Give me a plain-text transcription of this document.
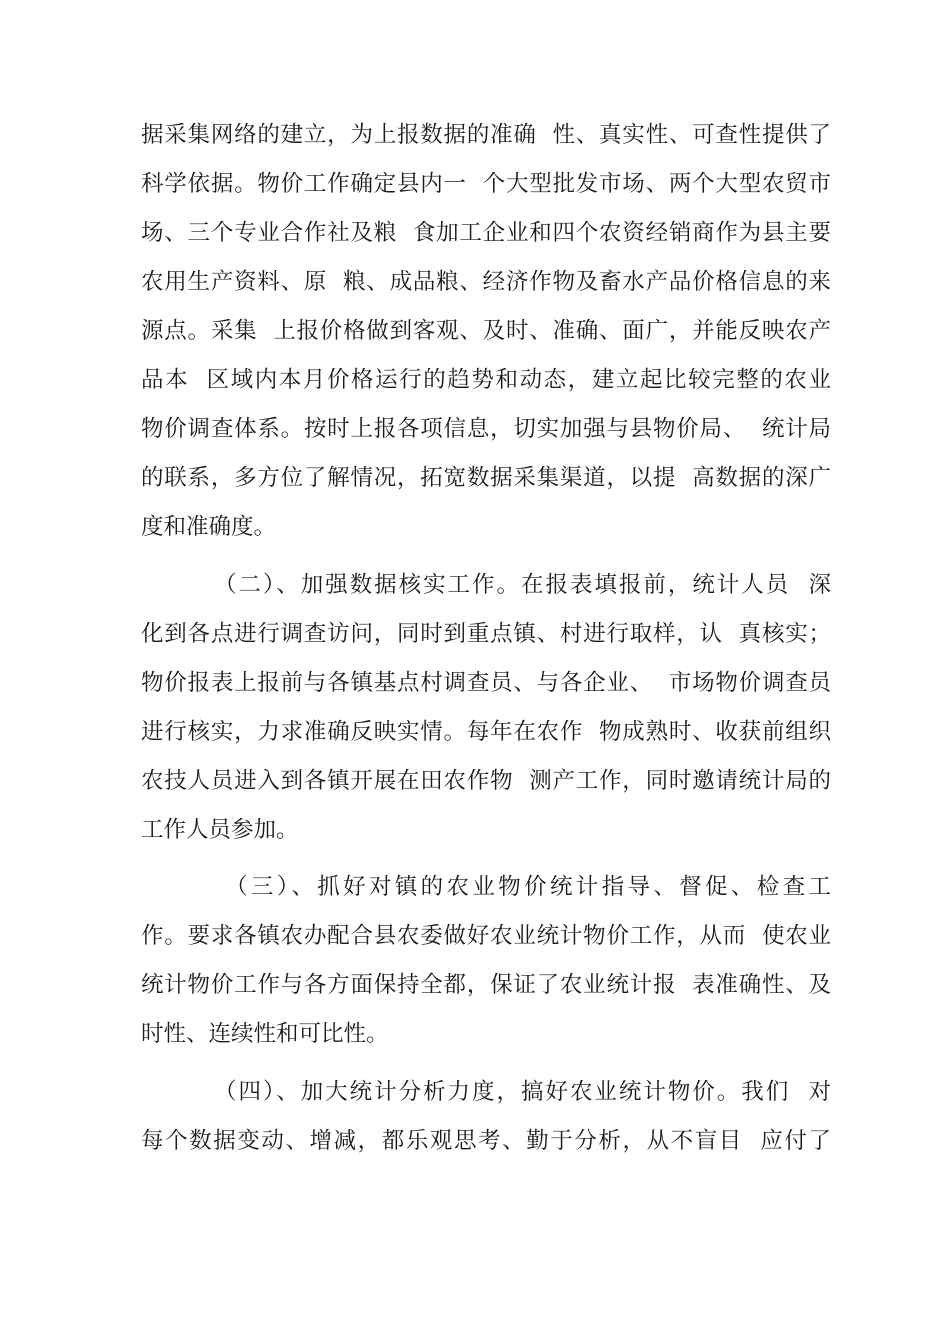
据采集网络的建立，为上报数据的准确  性、真实性、可查性提供了
科学依据。物价工作确定县内一  个大型批发市场、两个大型农贸市
场、三个专业合作社及粮  食加工企业和四个农资经销商作为县主要
农用生产资料、原  粮、成品粮、经济作物及畜水产品价格信息的来
源点。采集  上报价格做到客观、及时、准确、面广，并能反映农产
品本  区域内本月价格运行的趋势和动态，建立起比较完整的农业
物价调查体系。按时上报各项信息，切实加强与县物价局、  统计局
的联系，多方位了解情况，拓宽数据采集渠道，以提  高数据的深广
度和准确度。
（二）、加强数据核实工作。在报表填报前，统计人员  深
化到各点进行调查访问，同时到重点镇、村进行取样，认  真核实；
物价报表上报前与各镇基点村调查员、与各企业、  市场物价调查员
进行核实，力求准确反映实情。每年在农作  物成熟时、收获前组织
农技人员进入到各镇开展在田农作物  测产工作，同时邀请统计局的
工作人员参加。
（三）、抓好对镇的农业物价统计指导、督促、检查工
作。要求各镇农办配合县农委做好农业统计物价工作，从而  使农业
统计物价工作与各方面保持全都，保证了农业统计报  表准确性、及
时性、连续性和可比性。
（四）、加大统计分析力度，搞好农业统计物价。我们  对
每个数据变动、增减，都乐观思考、勤于分析，从不盲目  应付了
